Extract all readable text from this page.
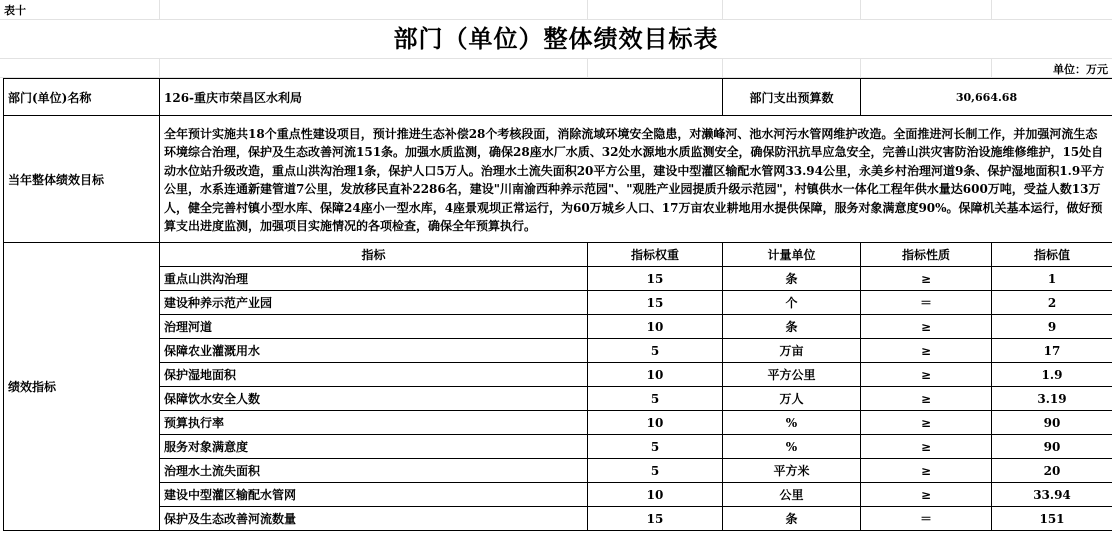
表十
部门（单位）整体绩效目标表
单位：万元
部门(单位)名称	126-重庆市荣昌区水利局		部门支出预算数	30,664.68	
当年整体绩效目标	全年预计实施共18个重点性建设项目，预计推进生态补偿28个考核段面，消除流域环境安全隐患，对濑峰河、池水河污水管网维护改造。全面推进河长制工作，并加强河流生态环境综合治理，保护及生态改善河流151条。加强水质监测，确保28座水厂水质、32处水源地水质监测安全，确保防汛抗旱应急安全，完善山洪灾害防治设施维修维护，15处自动水位站升级改造，重点山洪沟治理1条，保护人口5万人。治理水土流失面积20平方公里，建设中型灌区输配水管网33.94公里，永美乡村治理河道9条、保护湿地面积1.9平方公里，水系连通新建管道7公里，发放移民直补2286名，建设"川南渝西种养示范园"、"观胜产业园提质升级示范园"，村镇供水一体化工程年供水量达600万吨，受益人数13万人，健全完善村镇小型水库、保障24座小一型水库，4座景观坝正常运行，为60万城乡人口、17万亩农业耕地用水提供保障，服务对象满意度90%。保障机关基本运行，做好预算支出进度监测，加强项目实施情况的各项检查，确保全年预算执行。				
绩效指标	指标	指标权重	计量单位	指标性质	指标值
	重点山洪沟治理	15	条	≥	1
	建设种养示范产业园	15	个	＝	2
	治理河道	10	条	≥	9
	保障农业灌溉用水	5	万亩	≥	17
	保护湿地面积	10	平方公里	≥	1.9
	保障饮水安全人数	5	万人	≥	3.19
	预算执行率	10	%	≥	90
	服务对象满意度	5	%	≥	90
	治理水土流失面积	5	平方米	≥	20
	建设中型灌区输配水管网	10	公里	≥	33.94
	保护及生态改善河流数量	15	条	＝	151
